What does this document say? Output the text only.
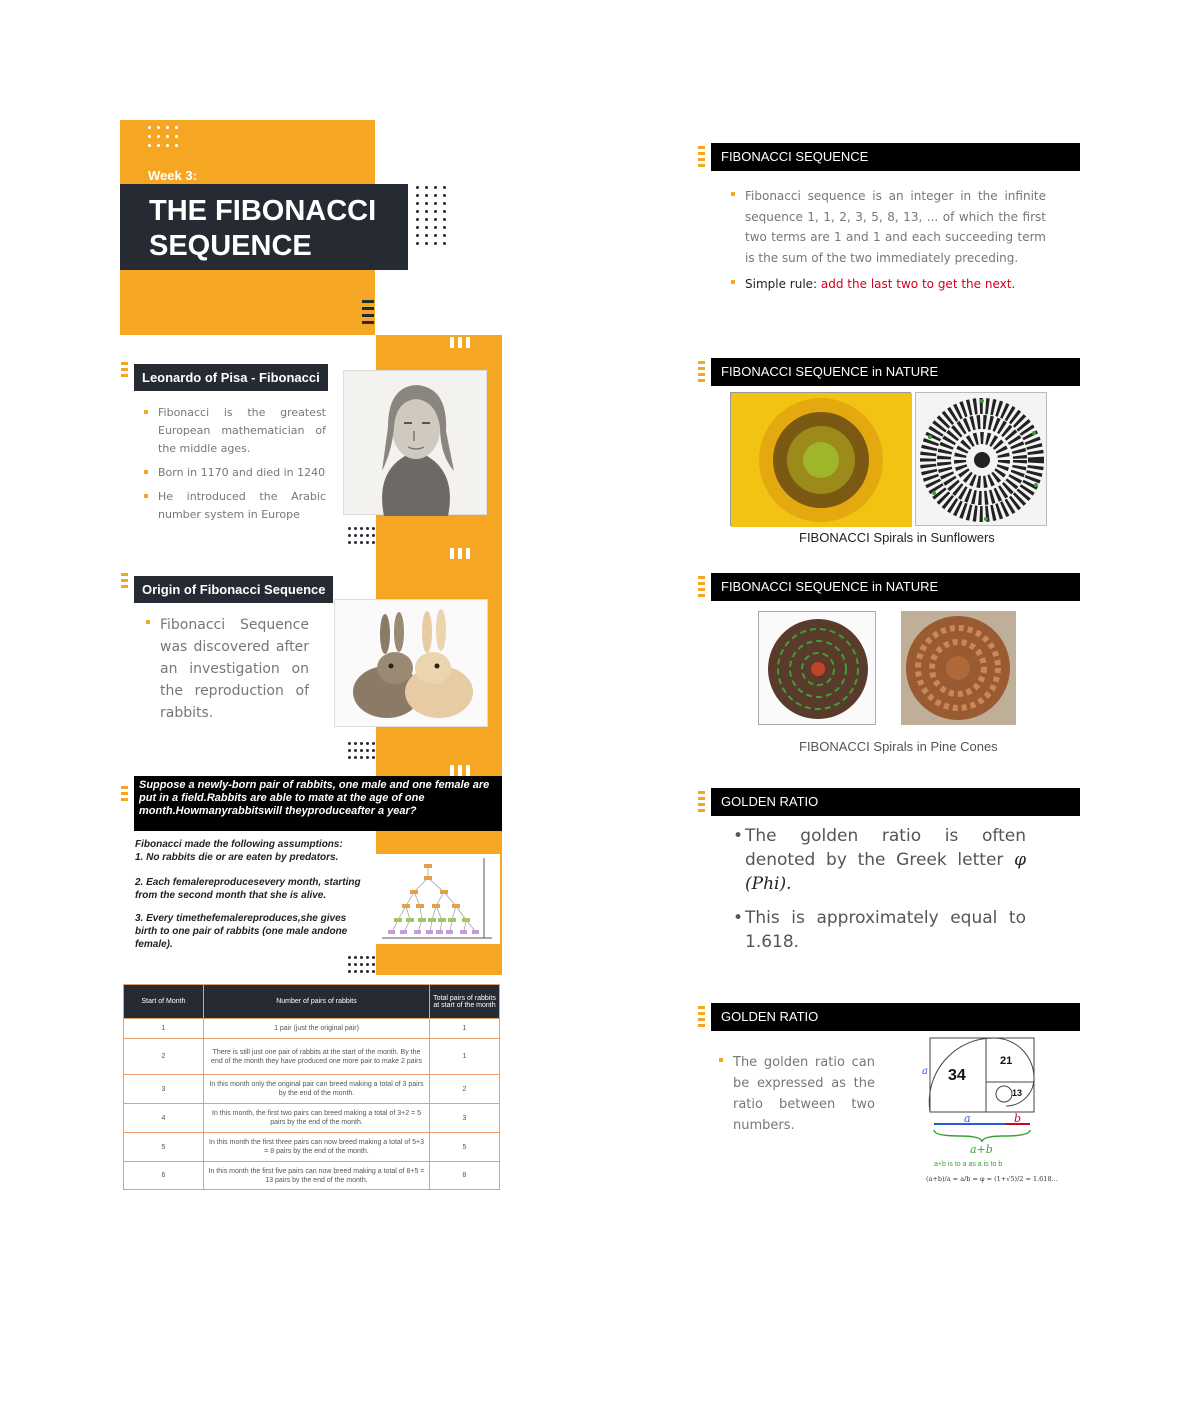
Week 3:
THE FIBONACCI
SEQUENCE
Leonardo of Pisa - Fibonacci
Fibonacci is the greatest European mathematician of the middle ages.
Born in 1170 and died in 1240
He introduced the Arabic number system in Europe
Origin of Fibonacci Sequence
Fibonacci Sequence was discovered after an investigation on the reproduction of rabbits.
Suppose a newly-born pair of rabbits, one male and one female are put in a field.Rabbits are able to mate at the age of one month.Howmanyrabbitswill theyproduceafter a year?
Fibonacci made the following assumptions:
1. No rabbits die or are eaten by predators.
2. Each femalereproducesevery month, starting from the second month that she is alive.
3. Every timethefemalereproduces,she gives birth to one pair of rabbits (one male andone female).
Start of Month	Number of pairs of rabbits	Total pairs of rabbits at start of the month
1	1 pair (just the original pair)	1
2	There is still just one pair of rabbits at the start of the month. By the end of the month they have produced one more pair to make 2 pairs	1
3	In this month only the original pair can breed making a total of 3 pairs by the end of the month.	2
4	In this month, the first two pairs can breed making a total of 3+2 = 5 pairs by the end of the month.	3
5	In this month the first three pairs can now breed making a total of 5+3 = 8 pairs by the end of the month.	5
6	In this month the first five pairs can now breed making a total of 8+5 = 13 pairs by the end of the month.	8
FIBONACCI SEQUENCE
Fibonacci sequence is an integer in the infinite sequence 1, 1, 2, 3, 5, 8, 13, ... of which the first two terms are 1 and 1 and each succeeding term is the sum of the two immediately preceding.
Simple rule: add the last two to get the next.
FIBONACCI SEQUENCE in NATURE
FIBONACCI Spirals in Sunflowers
FIBONACCI SEQUENCE in NATURE
FIBONACCI Spirals in Pine Cones
GOLDEN RATIO
• The golden ratio is often denoted by the Greek letter φ (Phi).
• This is approximately equal to 1.618.
GOLDEN RATIO
The golden ratio can be expressed as the ratio between two numbers.
34
21
13
a
a	b
a+b
a+b is to a as a is to b
(a+b)/a = a/b = φ = (1+√5)/2 = 1.618...
